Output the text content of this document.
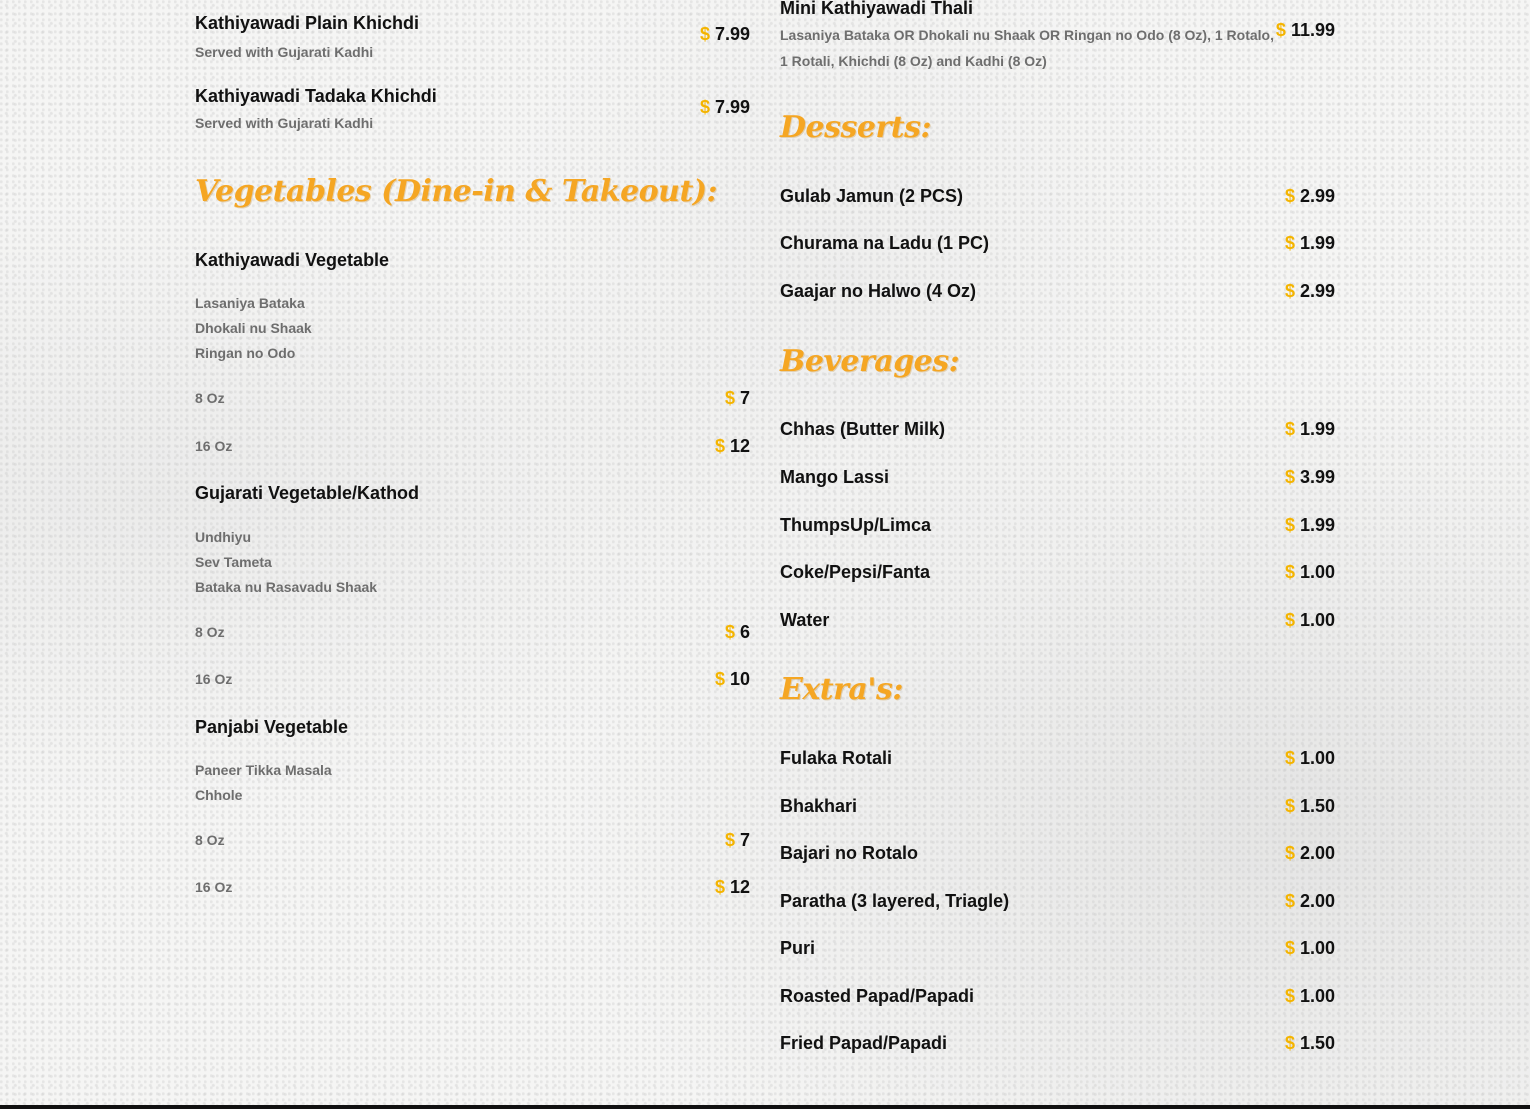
Kathiyawadi Plain Khichdi
Served with Gujarati Kadhi
$ 7.99
Kathiyawadi Tadaka Khichdi
Served with Gujarati Kadhi
$ 7.99
Vegetables (Dine-in & Takeout):
Kathiyawadi Vegetable
Lasaniya Bataka
Dhokali nu Shaak
Ringan no Odo
8 Oz	$ 7
16 Oz	$ 12
Gujarati Vegetable/Kathod
Undhiyu
Sev Tameta
Bataka nu Rasavadu Shaak
8 Oz	$ 6
16 Oz	$ 10
Panjabi Vegetable
Paneer Tikka Masala
Chhole
8 Oz	$ 7
16 Oz	$ 12
Mini Kathiyawadi Thali
Lasaniya Bataka OR Dhokali nu Shaak OR Ringan no Odo (8 Oz), 1 Rotalo,
1 Rotali, Khichdi (8 Oz) and Kadhi (8 Oz)
$ 11.99
Desserts:
Gulab Jamun (2 PCS)	$ 2.99
Churama na Ladu (1 PC)	$ 1.99
Gaajar no Halwo (4 Oz)	$ 2.99
Beverages:
Chhas (Butter Milk)	$ 1.99
Mango Lassi	$ 3.99
ThumpsUp/Limca	$ 1.99
Coke/Pepsi/Fanta	$ 1.00
Water	$ 1.00
Extra's:
Fulaka Rotali	$ 1.00
Bhakhari	$ 1.50
Bajari no Rotalo	$ 2.00
Paratha (3 layered, Triagle)	$ 2.00
Puri	$ 1.00
Roasted Papad/Papadi	$ 1.00
Fried Papad/Papadi	$ 1.50
